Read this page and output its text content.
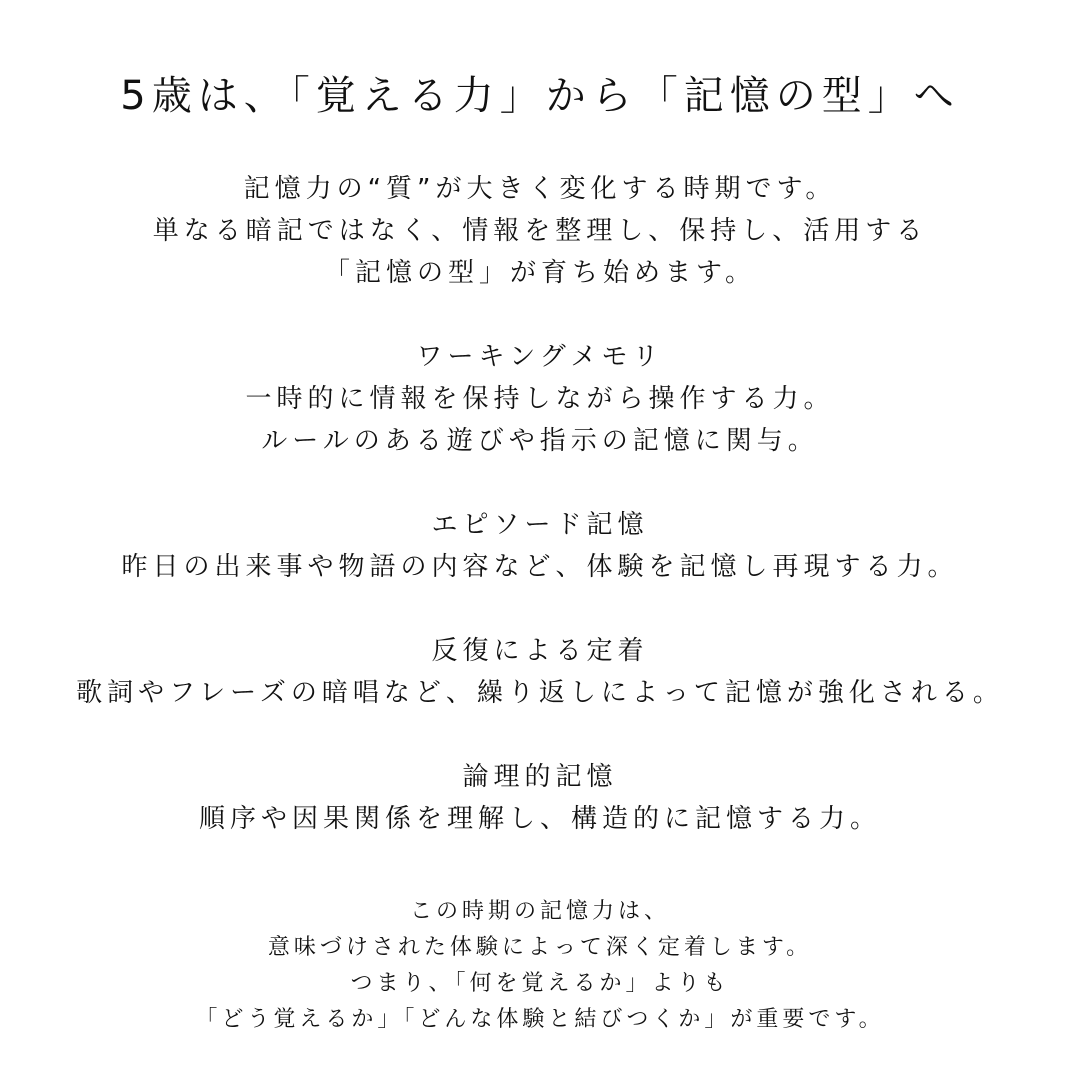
5歳は、「覚える力」から「記憶の型」へ
記憶力の“質”が大きく変化する時期です。
単なる暗記ではなく、情報を整理し、保持し、活用する
「記憶の型」が育ち始めます。
ワーキングメモリ
一時的に情報を保持しながら操作する力。
ルールのある遊びや指示の記憶に関与。
エピソード記憶
昨日の出来事や物語の内容など、体験を記憶し再現する力。
反復による定着
歌詞やフレーズの暗唱など、繰り返しによって記憶が強化される。
論理的記憶
順序や因果関係を理解し、構造的に記憶する力。
この時期の記憶力は、
意味づけされた体験によって深く定着します。
つまり、「何を覚えるか」よりも
「どう覚えるか」「どんな体験と結びつくか」が重要です。
